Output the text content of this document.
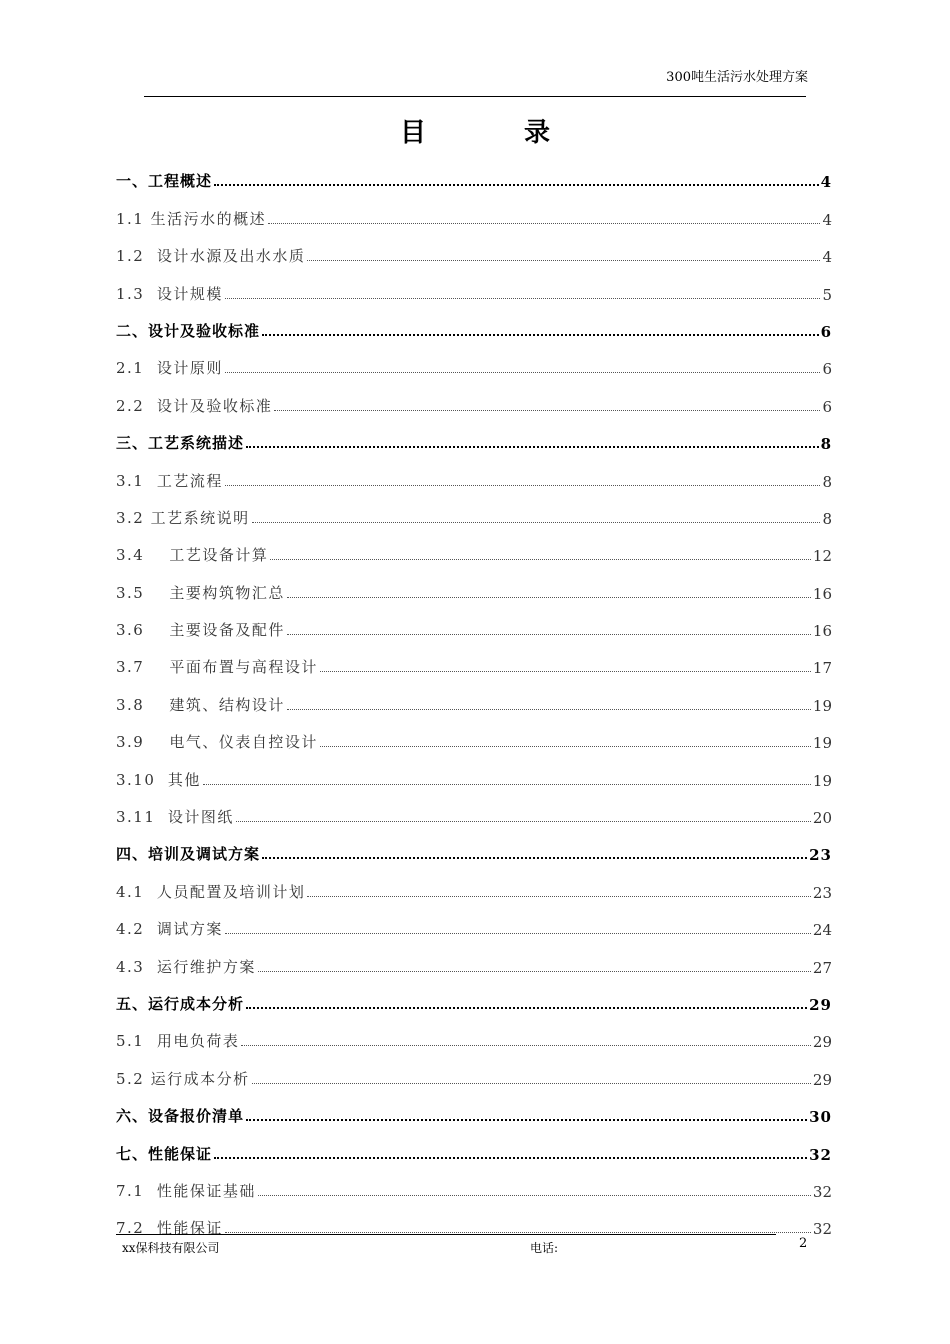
300吨生活污水处理方案
目录
一、工程概述	4
1.1 生活污水的概述	4
1.2  设计水源及出水水质	4
1.3  设计规模	5
二、设计及验收标准	6
2.1  设计原则	6
2.2  设计及验收标准	6
三、工艺系统描述	8
3.1  工艺流程	8
3.2 工艺系统说明	8
3.4    工艺设备计算	12
3.5    主要构筑物汇总	16
3.6    主要设备及配件	16
3.7    平面布置与高程设计	17
3.8    建筑、结构设计	19
3.9    电气、仪表自控设计	19
3.10  其他	19
3.11  设计图纸	20
四、培训及调试方案	23
4.1  人员配置及培训计划	23
4.2  调试方案	24
4.3  运行维护方案	27
五、运行成本分析	29
5.1  用电负荷表	29
5.2 运行成本分析	29
六、设备报价清单	30
七、性能保证	32
7.1  性能保证基础	32
7.2  性能保证	32
xx保科技有限公司	电话:	2
